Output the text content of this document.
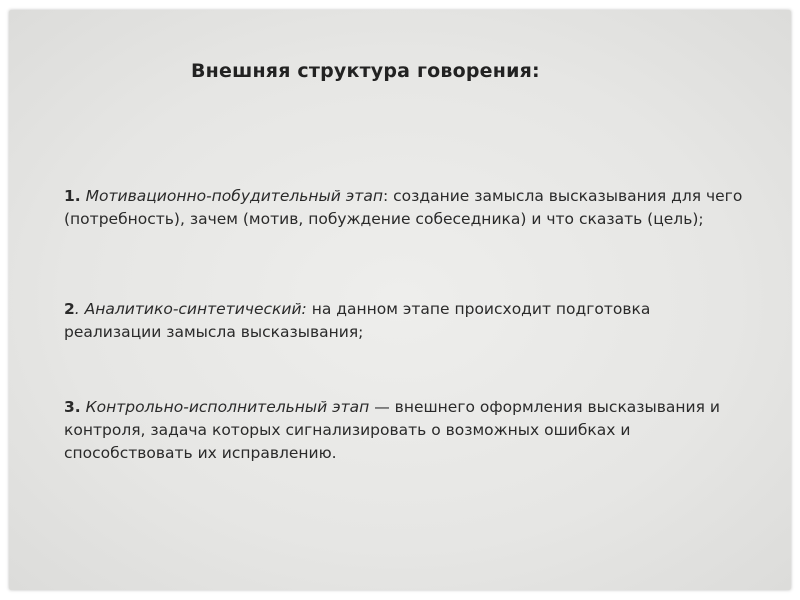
Внешняя структура говорения:

1. Мотивационно-побудительный этап: создание замысла высказывания для чего (потребность), зачем (мотив, побуждение собеседника) и что сказать (цель);

2. Аналитико-синтетический: на данном этапе происходит подготовка реализации замысла высказывания;

3. Контрольно-исполнительный этап — внешнего оформления высказывания и контроля, задача которых сигнализировать о возможных ошибках и способствовать их исправлению.
